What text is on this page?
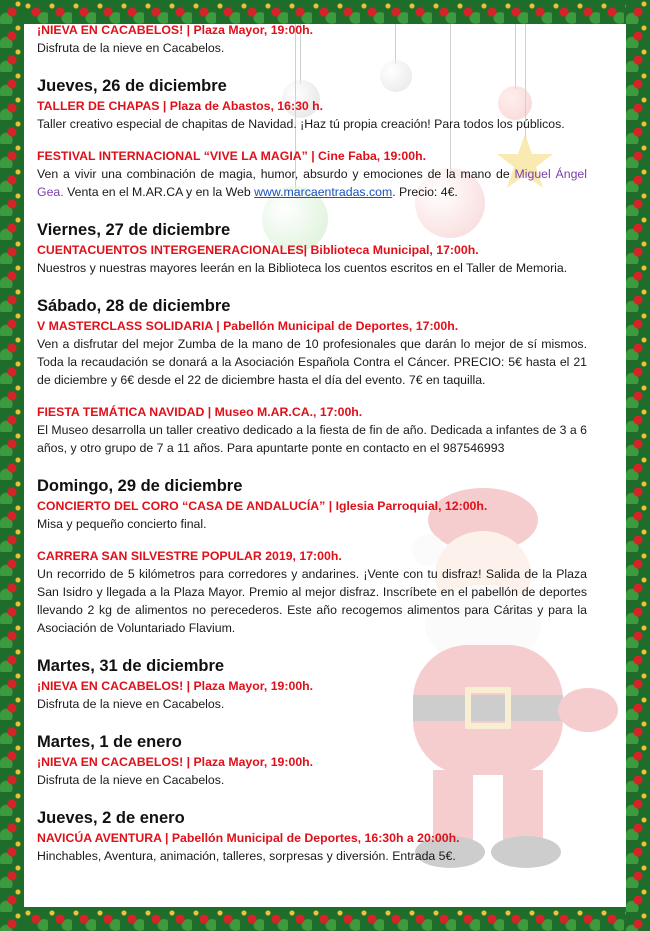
¡NIEVA EN CACABELOS! | Plaza Mayor, 19:00h.

Disfruta de la nieve en Cacabelos.

Jueves, 26 de diciembre

TALLER DE CHAPAS | Plaza de Abastos, 16:30 h.

Taller creativo especial de chapitas de Navidad. ¡Haz tú propia creación! Para todos los públicos.

FESTIVAL INTERNACIONAL “VIVE LA MAGIA” | Cine Faba, 19:00h.

Ven a vivir una combinación de magia, humor, absurdo y emociones de la mano de Miguel Ángel Gea. Venta en el M.AR.CA y en la Web www.marcaentradas.com. Precio: 4€.

Viernes, 27 de diciembre

CUENTACUENTOS INTERGENERACIONALES| Biblioteca Municipal, 17:00h.

Nuestros y nuestras mayores leerán en la Biblioteca los cuentos escritos en el Taller de Memoria.

Sábado, 28 de diciembre

V MASTERCLASS SOLIDARIA | Pabellón Municipal de Deportes, 17:00h.

Ven a disfrutar del mejor Zumba de la mano de 10 profesionales que darán lo mejor de sí mismos. Toda la recaudación se donará a la Asociación Española Contra el Cáncer. PRECIO: 5€ hasta el 21 de diciembre y 6€ desde el 22 de diciembre hasta el día del evento. 7€ en taquilla.

FIESTA TEMÁTICA NAVIDAD | Museo M.AR.CA., 17:00h.

El Museo desarrolla un taller creativo dedicado a la fiesta de fin de año. Dedicada a infantes de 3 a 6 años, y otro grupo de 7 a 11 años. Para apuntarte ponte en contacto en el 987546993

Domingo, 29 de diciembre

CONCIERTO DEL CORO “CASA DE ANDALUCÍA” | Iglesia Parroquial, 12:00h.

Misa y pequeño concierto final.

CARRERA SAN SILVESTRE POPULAR 2019, 17:00h.

Un recorrido de 5 kilómetros para corredores y andarines. ¡Vente con tu disfraz! Salida de la Plaza San Isidro y llegada a la Plaza Mayor. Premio al mejor disfraz. Inscríbete en el pabellón de deportes llevando 2 kg de alimentos no perecederos. Este año recogemos alimentos para Cáritas y para la Asociación de Voluntariado Flavium.

Martes, 31 de diciembre

¡NIEVA EN CACABELOS! | Plaza Mayor, 19:00h.

Disfruta de la nieve en Cacabelos.

Martes, 1 de enero

¡NIEVA EN CACABELOS! | Plaza Mayor, 19:00h.

Disfruta de la nieve en Cacabelos.

Jueves, 2 de enero

NAVICÚA AVENTURA | Pabellón Municipal de Deportes, 16:30h a 20:00h.

Hinchables, Aventura, animación, talleres, sorpresas y diversión. Entrada 5€.
